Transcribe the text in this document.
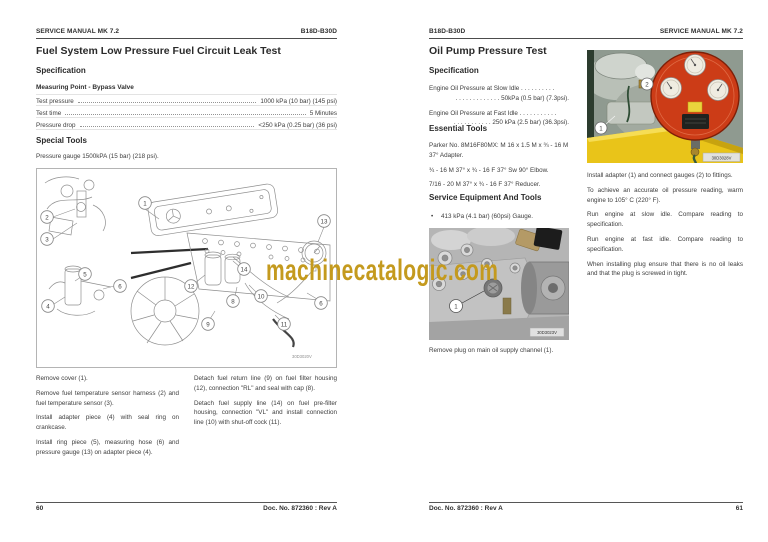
SERVICE MANUAL MK 7.2	B18D-B30D
Fuel System Low Pressure Fuel Circuit Leak Test
Specification
Measuring Point - Bypass Valve
Test pressure	1000 kPa (10 bar) (145 psi)
Test time	5 Minutes
Pressure drop	<250 kPa (0.25 bar) (36 psi)
Special Tools
Pressure gauge 1500kPA (15 bar) (218 psi).
1
2
3
5
6
4
13
14
12
10
8	6
9	11
30D3020V

Remove cover (1).

Remove fuel temperature sensor harness (2) and fuel temperature sensor (3).

Install adapter piece (4) with seal ring on crankcase.

Install ring piece (5), measuring hose (6) and pressure gauge (13) on adapter piece (4).

Detach fuel return line (9) on fuel filter housing (12), connection "RL" and seal with cap (8).

Detach fuel supply line (14) on fuel pre-filter housing, connection "VL" and install connection line (10) with shut-off cock (11).

60	Doc. No. 872360 : Rev A
B18D-B30D	SERVICE MANUAL MK 7.2
Oil Pump Pressure Test
Specification
Engine Oil Pressure at Slow Idle . . . . . . . . . .
. . . . . . . . . . . . . 50kPa (0.5 bar) (7.3psi).
Engine Oil Pressure at Fast Idle . . . . . . . . . . .
. . . . . . . . . . . 250 kPa (2.5 bar) (36.3psi).
Essential Tools

Parker No. 8M16F80MX: M 16 x 1.5 M x ¾ - 16 M 37° Adapter.

¾ - 16 M 37° x ¾ - 16 F 37° Sw 90° Elbow.

7/16 - 20 M 37° x ¾ - 16 F 37° Reducer.

Service Equipment And Tools
•	413 kPa (4.1 bar) (60psi) Gauge.
1
30D3023V
Remove plug on main oil supply channel (1).
1
2
30D3028V

Install adapter (1) and connect gauges (2) to fittings.

To achieve an accurate oil pressure reading, warm engine to 105° C (220° F).

Run engine at slow idle. Compare reading to specification.

Run engine at fast idle. Compare reading to specification.

When installing plug ensure that there is no oil leaks and that the plug is screwed in tight.

Doc. No. 872360 : Rev A	61
machinecatalogic.com
